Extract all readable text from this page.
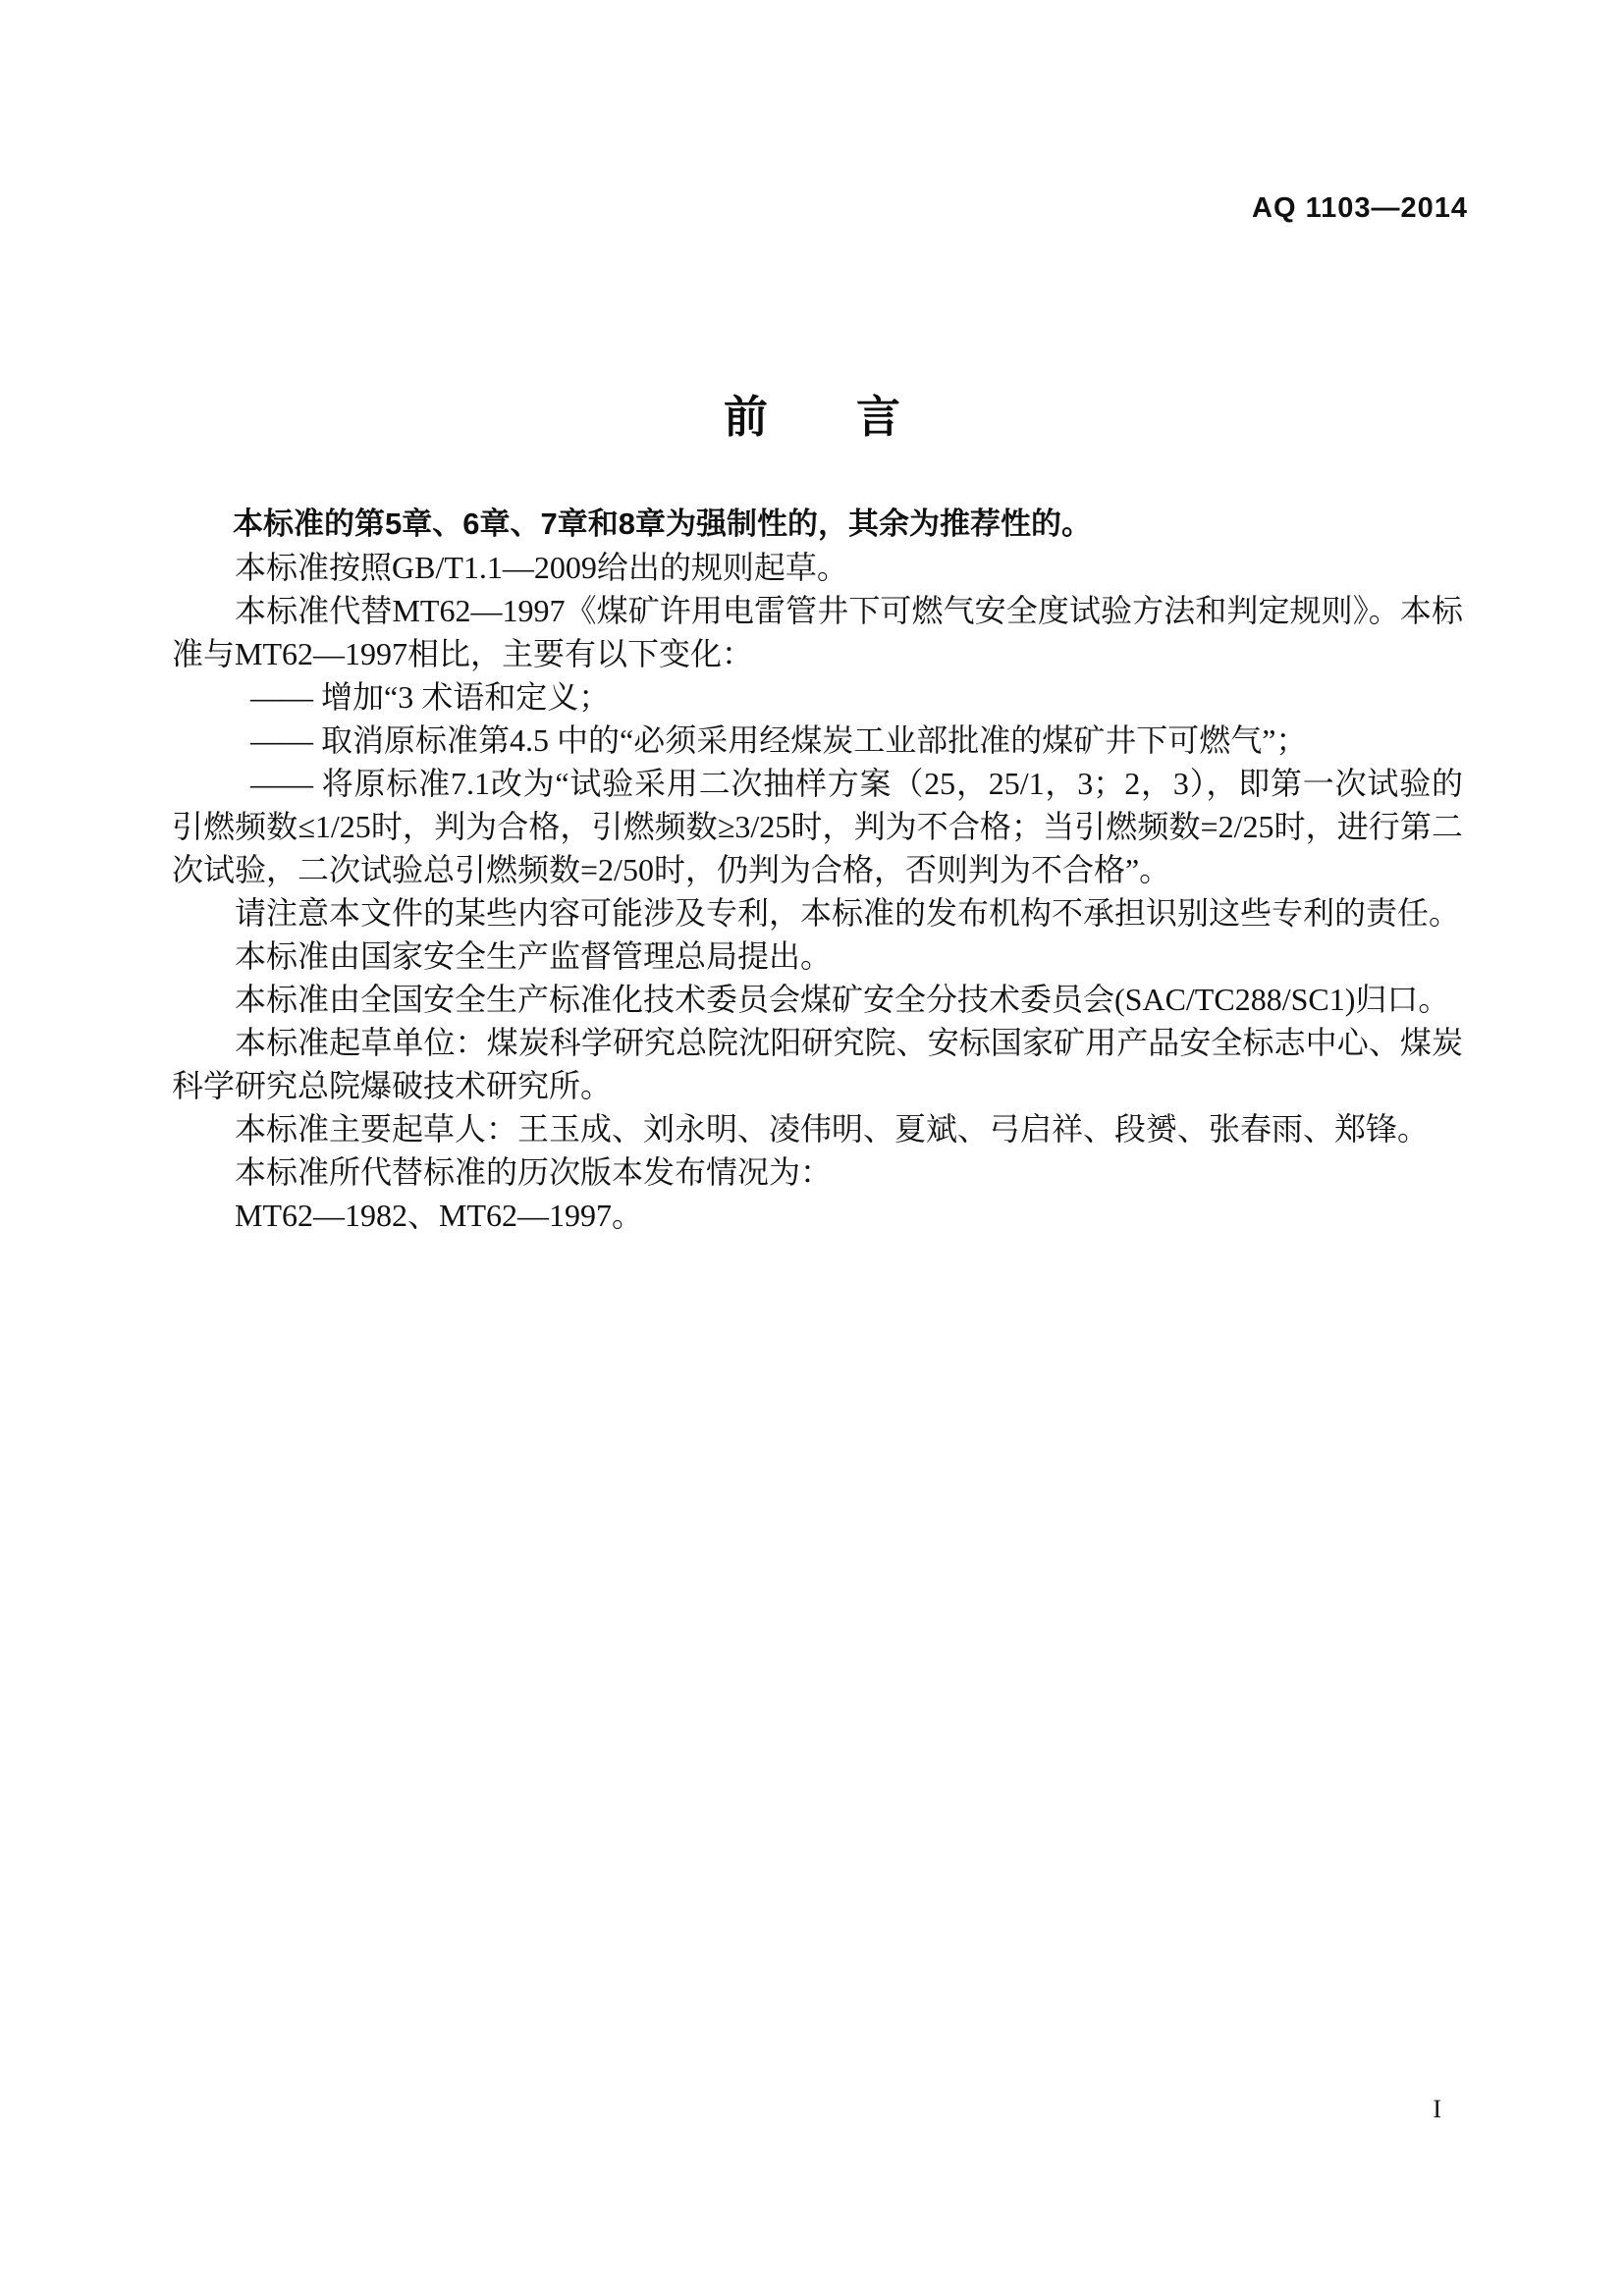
AQ 1103—2014
前　　言

本标准的第5章、6章、7章和8章为强制性的，其余为推荐性的。

本标准按照GB/T1.1—2009给出的规则起草。

本标准代替MT62—1997《煤矿许用电雷管井下可燃气安全度试验方法和判定规则》。本标准与MT62—1997相比，主要有以下变化：

—— 增加“3 术语和定义；

—— 取消原标准第4.5 中的“必须采用经煤炭工业部批准的煤矿井下可燃气”；

—— 将原标准7.1改为“试验采用二次抽样方案（25，25/1，3；2，3），即第一次试验的引燃频数≤1/25时，判为合格，引燃频数≥3/25时，判为不合格；当引燃频数=2/25时，进行第二次试验，二次试验总引燃频数=2/50时，仍判为合格，否则判为不合格”。

请注意本文件的某些内容可能涉及专利，本标准的发布机构不承担识别这些专利的责任。

本标准由国家安全生产监督管理总局提出。

本标准由全国安全生产标准化技术委员会煤矿安全分技术委员会(SAC/TC288/SC1)归口。

本标准起草单位：煤炭科学研究总院沈阳研究院、安标国家矿用产品安全标志中心、煤炭科学研究总院爆破技术研究所。

本标准主要起草人：王玉成、刘永明、凌伟明、夏斌、弓启祥、段赟、张春雨、郑锋。

本标准所代替标准的历次版本发布情况为：

MT62—1982、MT62—1997。

I
